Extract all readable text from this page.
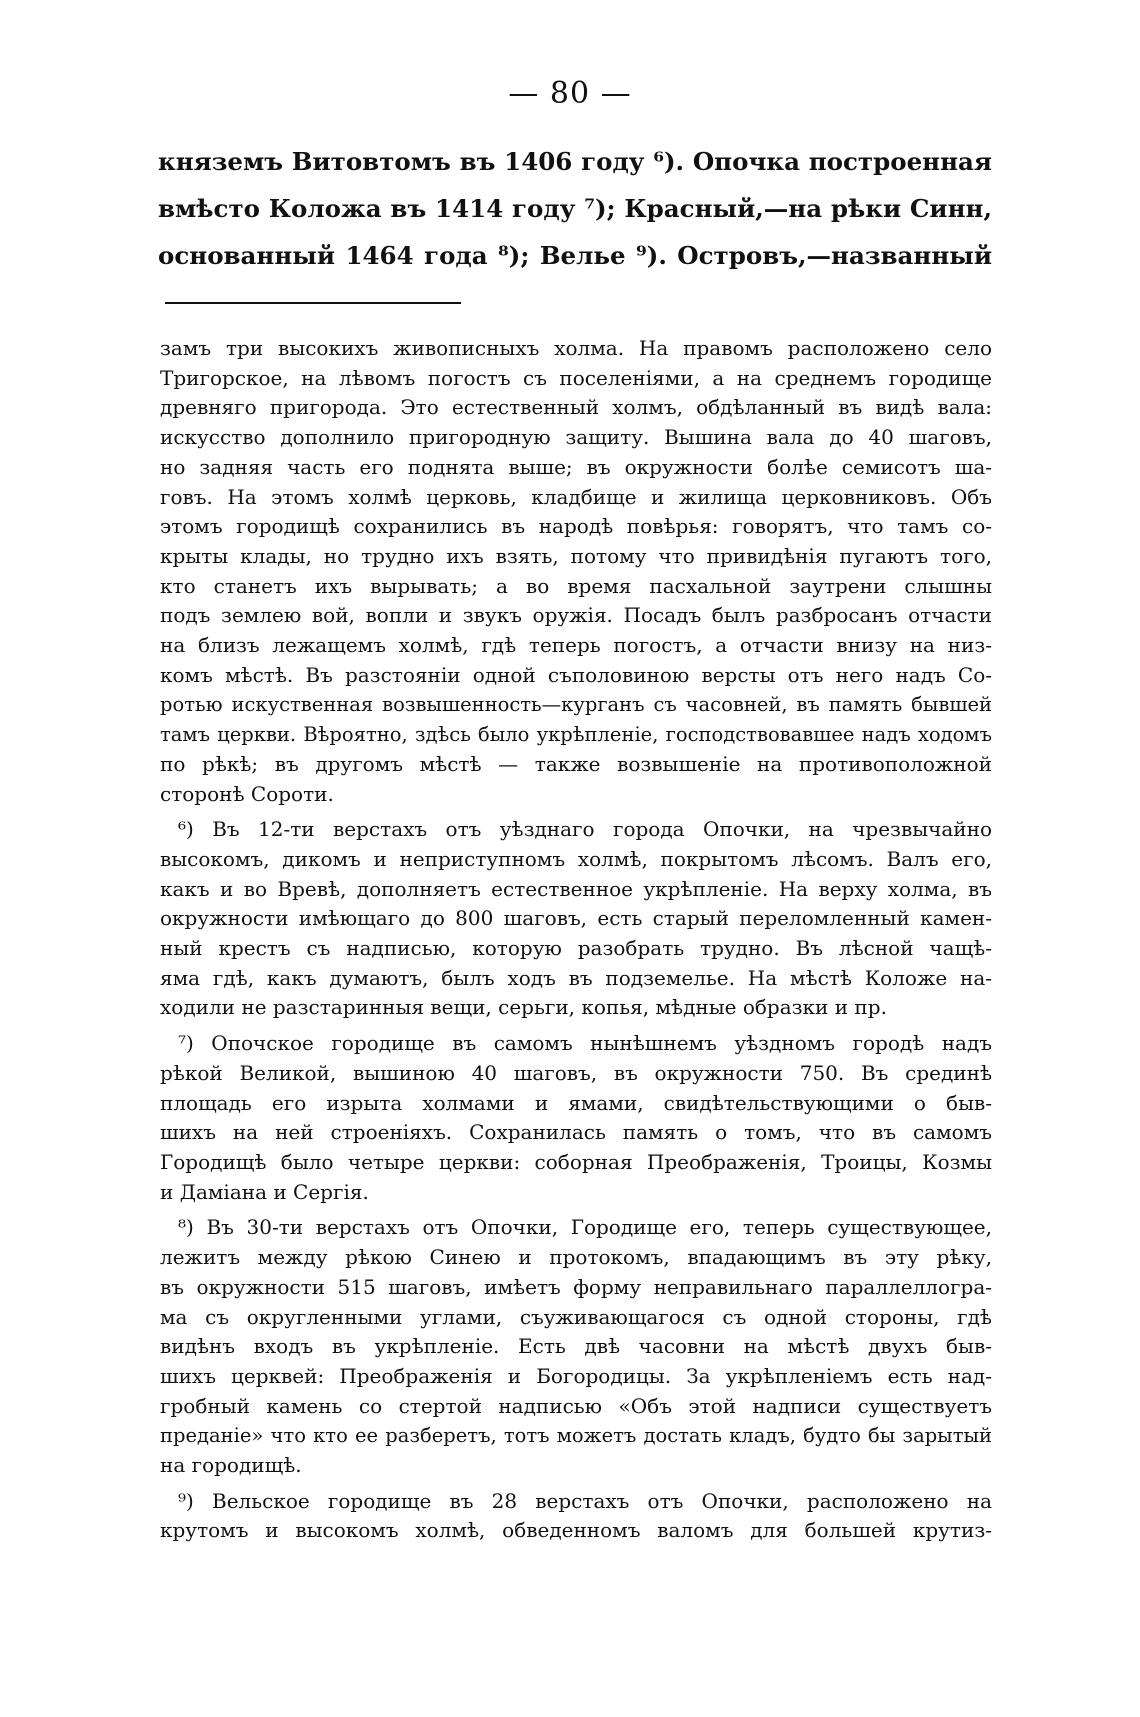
— 80 —
княземъ Витовтомъ въ 1406 году ⁶). Опочка построенная
вмѣсто Коложа въ 1414 году ⁷); Красный,—на рѣки Синн,
основанный 1464 года ⁸); Велье ⁹). Островъ,—названный
замъ три высокихъ живописныхъ холма. На правомъ расположено село
Тригорское, на лѣвомъ погостъ съ поселеніями, а на среднемъ городище
древняго пригорода. Это естественный холмъ, обдѣланный въ видѣ вала:
искусство дополнило пригородную защиту. Вышина вала до 40 шаговъ,
но задняя часть его поднята выше; въ окружности болѣе семисотъ ша-
говъ. На этомъ холмѣ церковь, кладбище и жилища церковниковъ. Объ
этомъ городищѣ сохранились въ народѣ повѣрья: говорятъ, что тамъ со-
крыты клады, но трудно ихъ взять, потому что привидѣнія пугаютъ того,
кто станетъ ихъ вырывать; а во время пасхальной заутрени слышны
подъ землею вой, вопли и звукъ оружія. Посадъ былъ разбросанъ отчасти
на близъ лежащемъ холмѣ, гдѣ теперь погостъ, а отчасти внизу на низ-
комъ мѣстѣ. Въ разстояніи одной съполовиною версты отъ него надъ Со-
ротью искуственная возвышенность—курганъ съ часовней, въ память бывшей
тамъ церкви. Вѣроятно, здѣсь было укрѣпленіе, господствовавшее надъ ходомъ
по рѣкѣ; въ другомъ мѣстѣ — также возвышеніе на противоположной
сторонѣ Сороти.
⁶) Въ 12-ти верстахъ отъ уѣзднаго города Опочки, на чрезвычайно
высокомъ, дикомъ и неприступномъ холмѣ, покрытомъ лѣсомъ. Валъ его,
какъ и во Вревѣ, дополняетъ естественное укрѣпленіе. На верху холма, въ
окружности имѣющаго до 800 шаговъ, есть старый переломленный камен-
ный крестъ съ надписью, которую разобрать трудно. Въ лѣсной чащѣ-
яма гдѣ, какъ думаютъ, былъ ходъ въ подземелье. На мѣстѣ Коложе на-
ходили не разстаринныя вещи, серьги, копья, мѣдные образки и пр.
⁷) Опочское городище въ самомъ нынѣшнемъ уѣздномъ городѣ надъ
рѣкой Великой, вышиною 40 шаговъ, въ окружности 750. Въ срединѣ
площадь его изрыта холмами и ямами, свидѣтельствующими о быв-
шихъ на ней строеніяхъ. Сохранилась память о томъ, что въ самомъ
Городищѣ было четыре церкви: соборная Преображенія, Троицы, Козмы
и Даміана и Сергія.
⁸) Въ 30-ти верстахъ отъ Опочки, Городище его, теперь существующее,
лежитъ между рѣкою Синею и протокомъ, впадающимъ въ эту рѣку,
въ окружности 515 шаговъ, имѣетъ форму неправильнаго параллеллогра-
ма съ округленными углами, съуживающагося съ одной стороны, гдѣ
видѣнъ входъ въ укрѣпленіе. Есть двѣ часовни на мѣстѣ двухъ быв-
шихъ церквей: Преображенія и Богородицы. За укрѣпленіемъ есть над-
гробный камень со стертой надписью «Объ этой надписи существуетъ
преданіе» что кто ее разберетъ, тотъ можетъ достать кладъ, будто бы зарытый
на городищѣ.
⁹) Вельское городище въ 28 верстахъ отъ Опочки, расположено на
крутомъ и высокомъ холмѣ, обведенномъ валомъ для большей крутиз-
